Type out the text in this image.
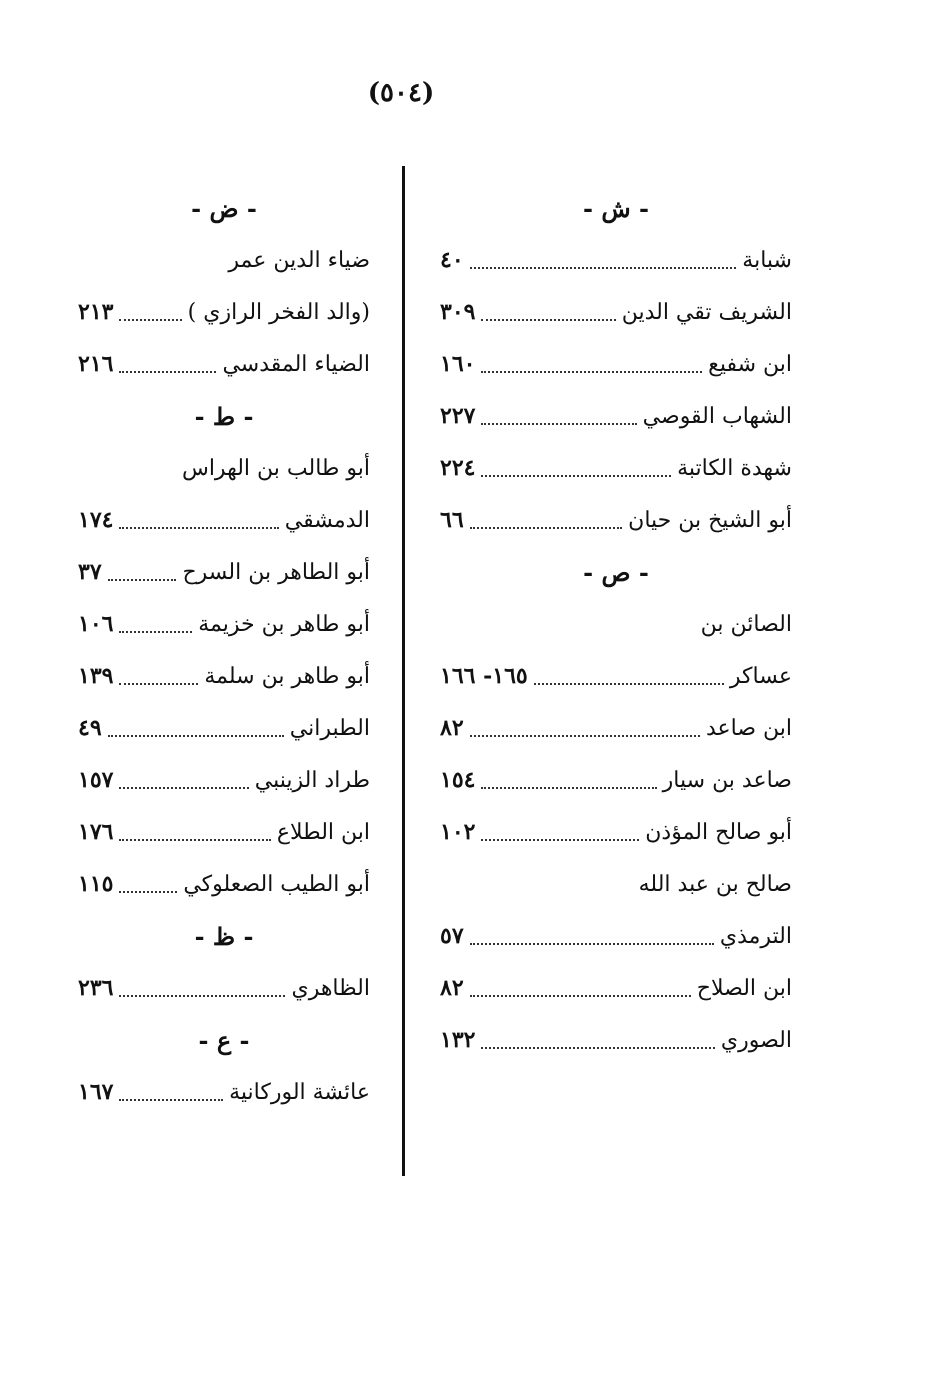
(٥٠٤)
- ش -
شبابة
٤٠
الشريف تقي الدين
٣٠٩
ابن شفيع
١٦٠
الشهاب القوصي
٢٢٧
شهدة الكاتبة
٢٢٤
أبو الشيخ بن حيان
٦٦
- ص -
الصائن بن
عساكر
١٦٥- ١٦٦
ابن صاعد
٨٢
صاعد بن سيار
١٥٤
أبو صالح المؤذن
١٠٢
صالح بن عبد الله
الترمذي
٥٧
ابن الصلاح
٨٢
الصوري
١٣٢
- ض -
ضياء الدين عمر
(والد الفخر الرازي )
٢١٣
الضياء المقدسي
٢١٦
- ط -
أبو طالب بن الهراس
الدمشقي
١٧٤
أبو الطاهر بن السرح
٣٧
أبو طاهر بن خزيمة
١٠٦
أبو طاهر بن سلمة
١٣٩
الطبراني
٤٩
طراد الزينبي
١٥٧
ابن الطلاع
١٧٦
أبو الطيب الصعلوكي
١١٥
- ظ -
الظاهري
٢٣٦
- ع -
عائشة الوركانية
١٦٧
